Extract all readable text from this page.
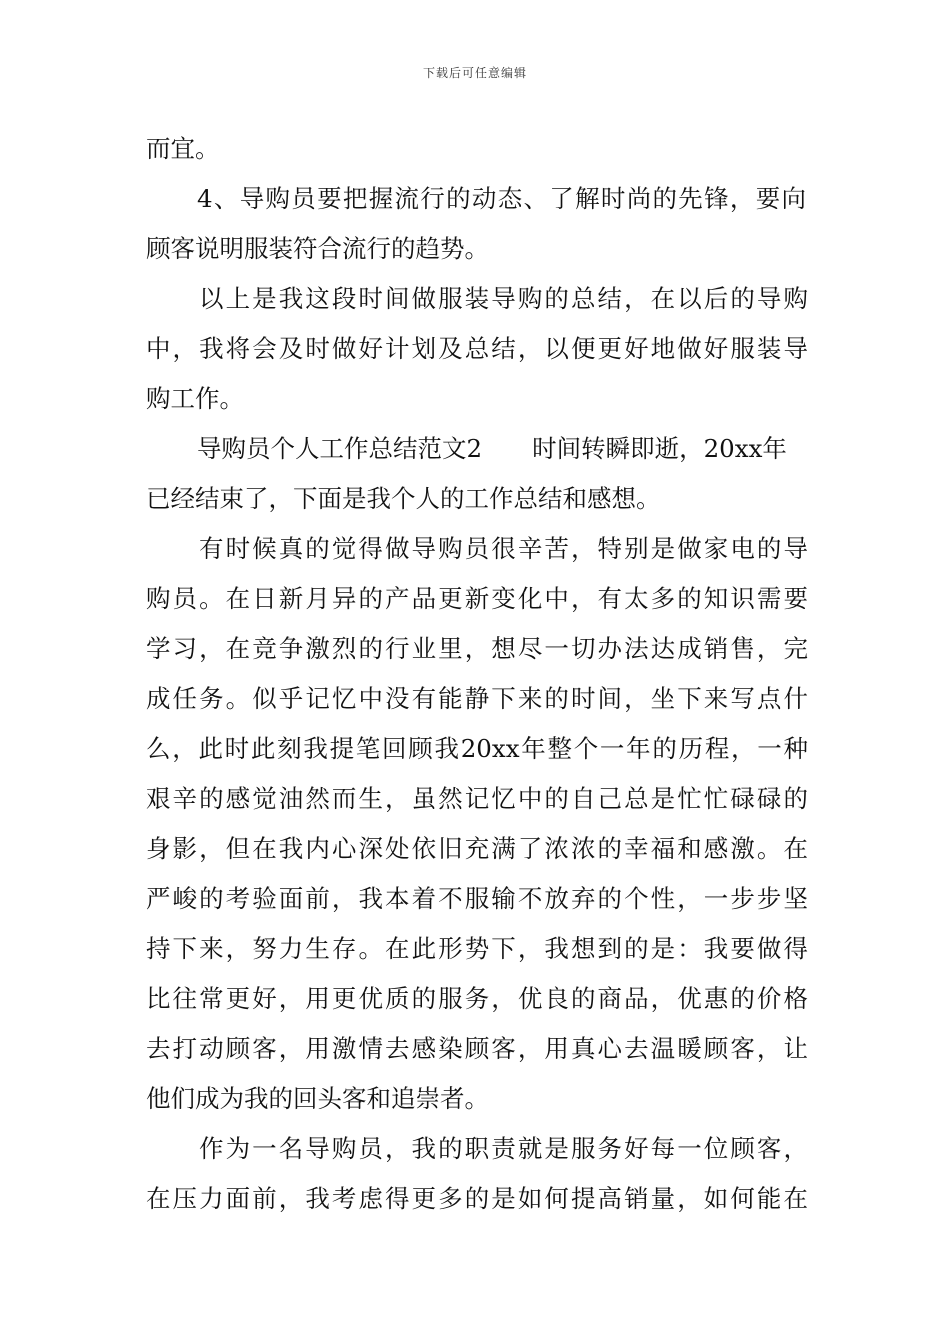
下载后可任意编辑
而宜。
4、导购员要把握流行的动态、了解时尚的先锋，要向
顾客说明服装符合流行的趋势。
以上是我这段时间做服装导购的总结，在以后的导购
中，我将会及时做好计划及总结，以便更好地做好服装导
购工作。
导购员个人工作总结范文2 时间转瞬即逝，20xx年
已经结束了，下面是我个人的工作总结和感想。
有时候真的觉得做导购员很辛苦，特别是做家电的导
购员。在日新月异的产品更新变化中，有太多的知识需要
学习，在竞争激烈的行业里，想尽一切办法达成销售，完
成任务。似乎记忆中没有能静下来的时间，坐下来写点什
么，此时此刻我提笔回顾我20xx年整个一年的历程，一种
艰辛的感觉油然而生，虽然记忆中的自己总是忙忙碌碌的
身影，但在我内心深处依旧充满了浓浓的幸福和感激。在
严峻的考验面前，我本着不服输不放弃的个性，一步步坚
持下来，努力生存。在此形势下，我想到的是：我要做得
比往常更好，用更优质的服务，优良的商品，优惠的价格
去打动顾客，用激情去感染顾客，用真心去温暖顾客，让
他们成为我的回头客和追崇者。
作为一名导购员，我的职责就是服务好每一位顾客，
在压力面前，我考虑得更多的是如何提高销量，如何能在
